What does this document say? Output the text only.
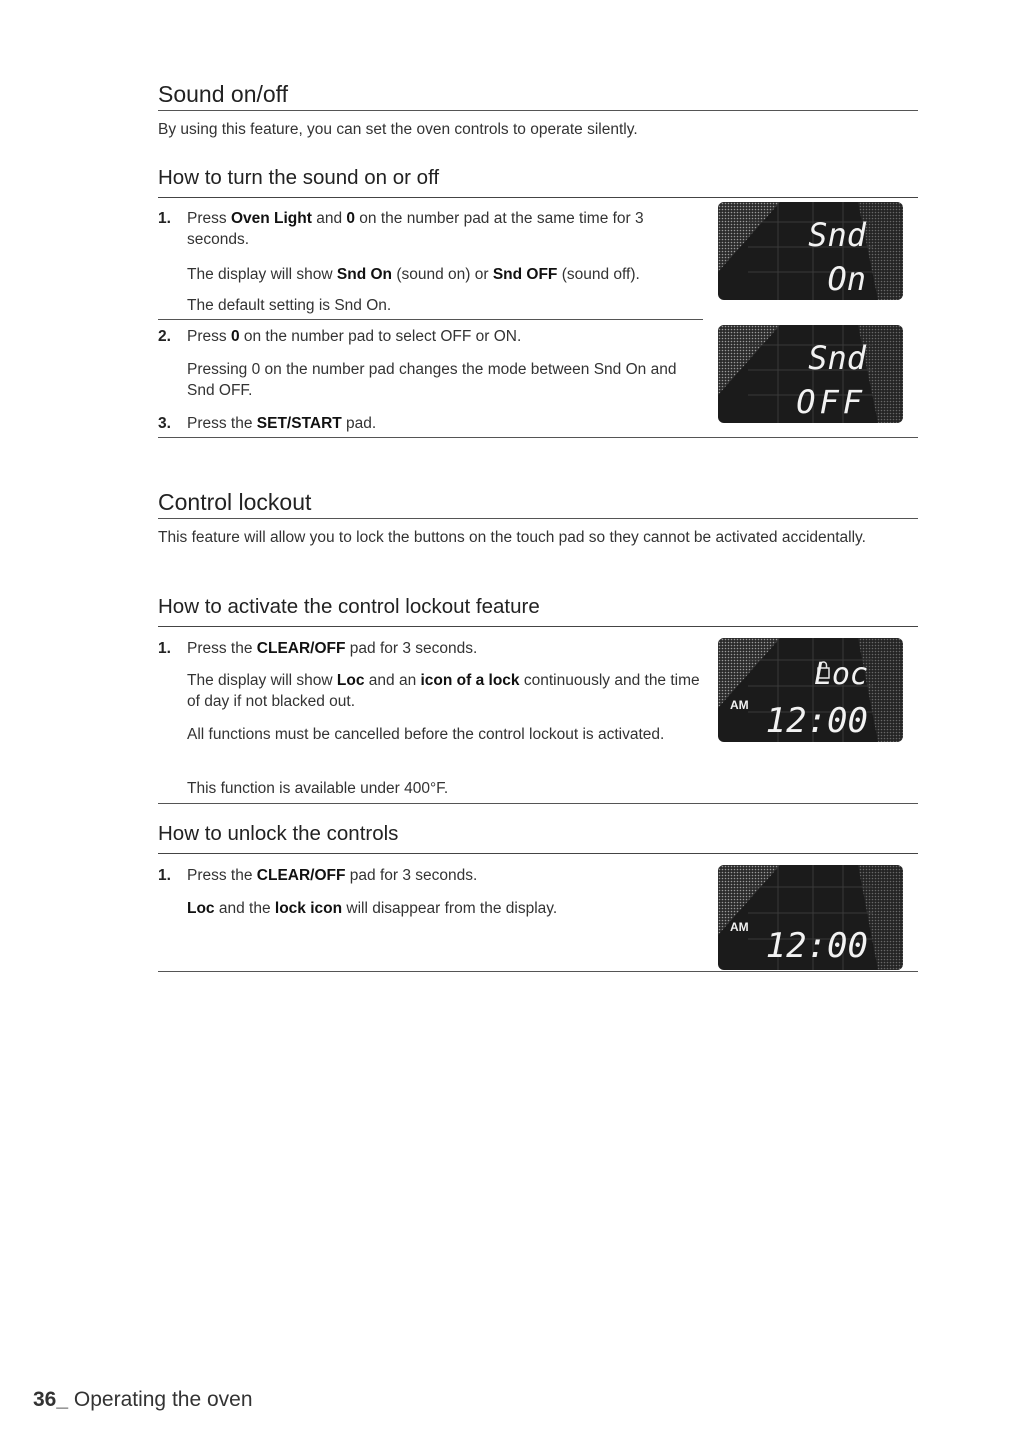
Sound on/off

By using this feature, you can set the oven controls to operate silently.

How to turn the sound on or off
1. Press Oven Light and 0 on the number pad at the same time for 3 seconds.
The display will show Snd On (sound on) or Snd OFF (sound off).
The default setting is Snd On.
2. Press 0 on the number pad to select OFF or ON.
Pressing 0 on the number pad changes the mode between Snd On and Snd OFF.
3. Press the SET/START pad.
Snd
On
Snd
OFF
Control lockout

This feature will allow you to lock the buttons on the touch pad so they cannot be activated accidentally.

How to activate the control lockout feature
1. Press the CLEAR/OFF pad for 3 seconds.
The display will show Loc and an icon of a lock continuously and the time of day if not blacked out.
All functions must be cancelled before the control lockout is activated.
This function is available under 400°F.
Loc
AM 12:00
How to unlock the controls
1. Press the CLEAR/OFF pad for 3 seconds.
Loc and the lock icon will disappear from the display.
AM 12:00
36_ Operating the oven
